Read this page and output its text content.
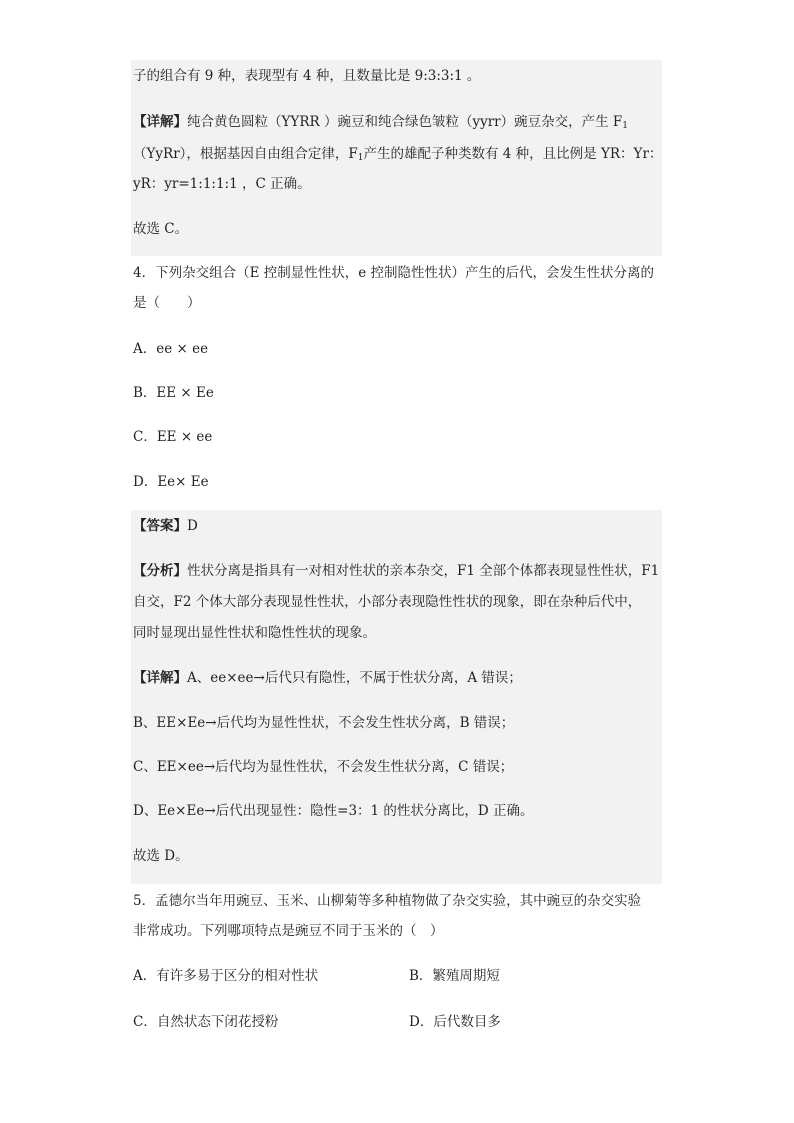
子的组合有 9 种，表现型有 4 种，且数量比是 9:3:3:1 。
【详解】纯合黄色圆粒（YYRR ）豌豆和纯合绿色皱粒（yyrr）豌豆杂交，产生 $F_1$
（YyRr），根据基因自由组合定律，$F_1$产生的雄配子种类数有 4 种，且比例是 YR：Yr：
yR：yr=1:1:1:1 ，C 正确。
故选 C。
4．下列杂交组合（E 控制显性性状，e 控制隐性性状）产生的后代，会发生性状分离的
是（　　）
A．ee × ee
B．EE × Ee
C．EE × ee
D．Ee× Ee
【答案】D
【分析】性状分离是指具有一对相对性状的亲本杂交，F1 全部个体都表现显性性状，F1
自交，F2 个体大部分表现显性性状，小部分表现隐性性状的现象，即在杂种后代中，
同时显现出显性性状和隐性性状的现象。
【详解】A、ee×ee→后代只有隐性，不属于性状分离，A 错误；
B、EE×Ee→后代均为显性性状，不会发生性状分离，B 错误；
C、EE×ee→后代均为显性性状，不会发生性状分离，C 错误；
D、Ee×Ee→后代出现显性：隐性=3：1 的性状分离比，D 正确。
故选 D。
5．孟德尔当年用豌豆、玉米、山柳菊等多种植物做了杂交实验，其中豌豆的杂交实验
非常成功。下列哪项特点是豌豆不同于玉米的（　）
A．有许多易于区分的相对性状	B．繁殖周期短
C．自然状态下闭花授粉	D．后代数目多
